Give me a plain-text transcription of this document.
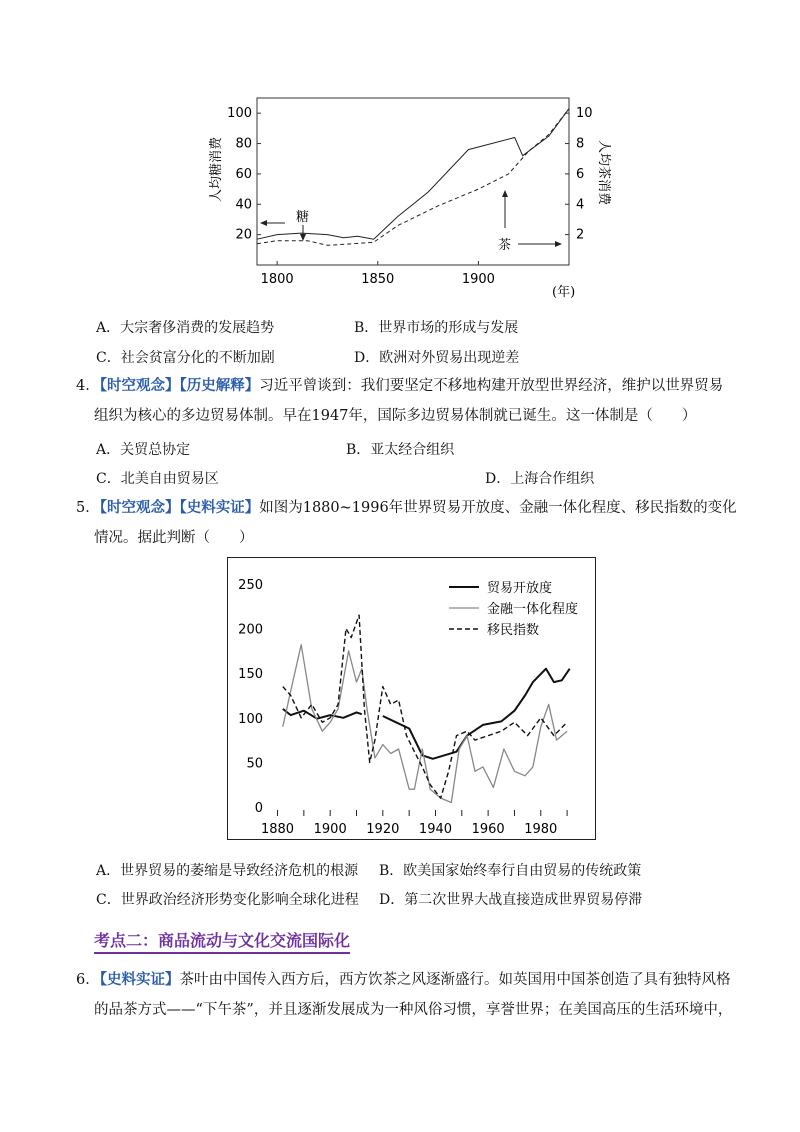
20
40
60
80
100
2
4
6
8
10
1800	1850	1900
人均糖消费	人均茶消费
(年)
糖
茶
A．大宗奢侈消费的发展趋势	B．世界市场的形成与发展
C．社会贫富分化的不断加剧	D．欧洲对外贸易出现逆差
4．【时空观念】【历史解释】习近平曾谈到：我们要坚定不移地构建开放型世界经济，维护以世界贸易
组织为核心的多边贸易体制。早在1947年，国际多边贸易体制就已诞生。这一体制是（　　）
A．关贸总协定	B．亚太经合组织
C．北美自由贸易区	D．上海合作组织
5．【时空观念】【史料实证】如图为1880~1996年世界贸易开放度、金融一体化程度、移民指数的变化
情况。据此判断（　　）
0
50
100
150
200
250
1880 1900 1920 1940 1960 1980
贸易开放度
金融一体化程度
移民指数
A．世界贸易的萎缩是导致经济危机的根源 B．欧美国家始终奉行自由贸易的传统政策
C．世界政治经济形势变化影响全球化进程 D．第二次世界大战直接造成世界贸易停滞
考点二：商品流动与文化交流国际化
6．【史料实证】茶叶由中国传入西方后，西方饮茶之风逐渐盛行。如英国用中国茶创造了具有独特风格
的品茶方式——“下午茶”，并且逐渐发展成为一种风俗习惯，享誉世界；在美国高压的生活环境中，
